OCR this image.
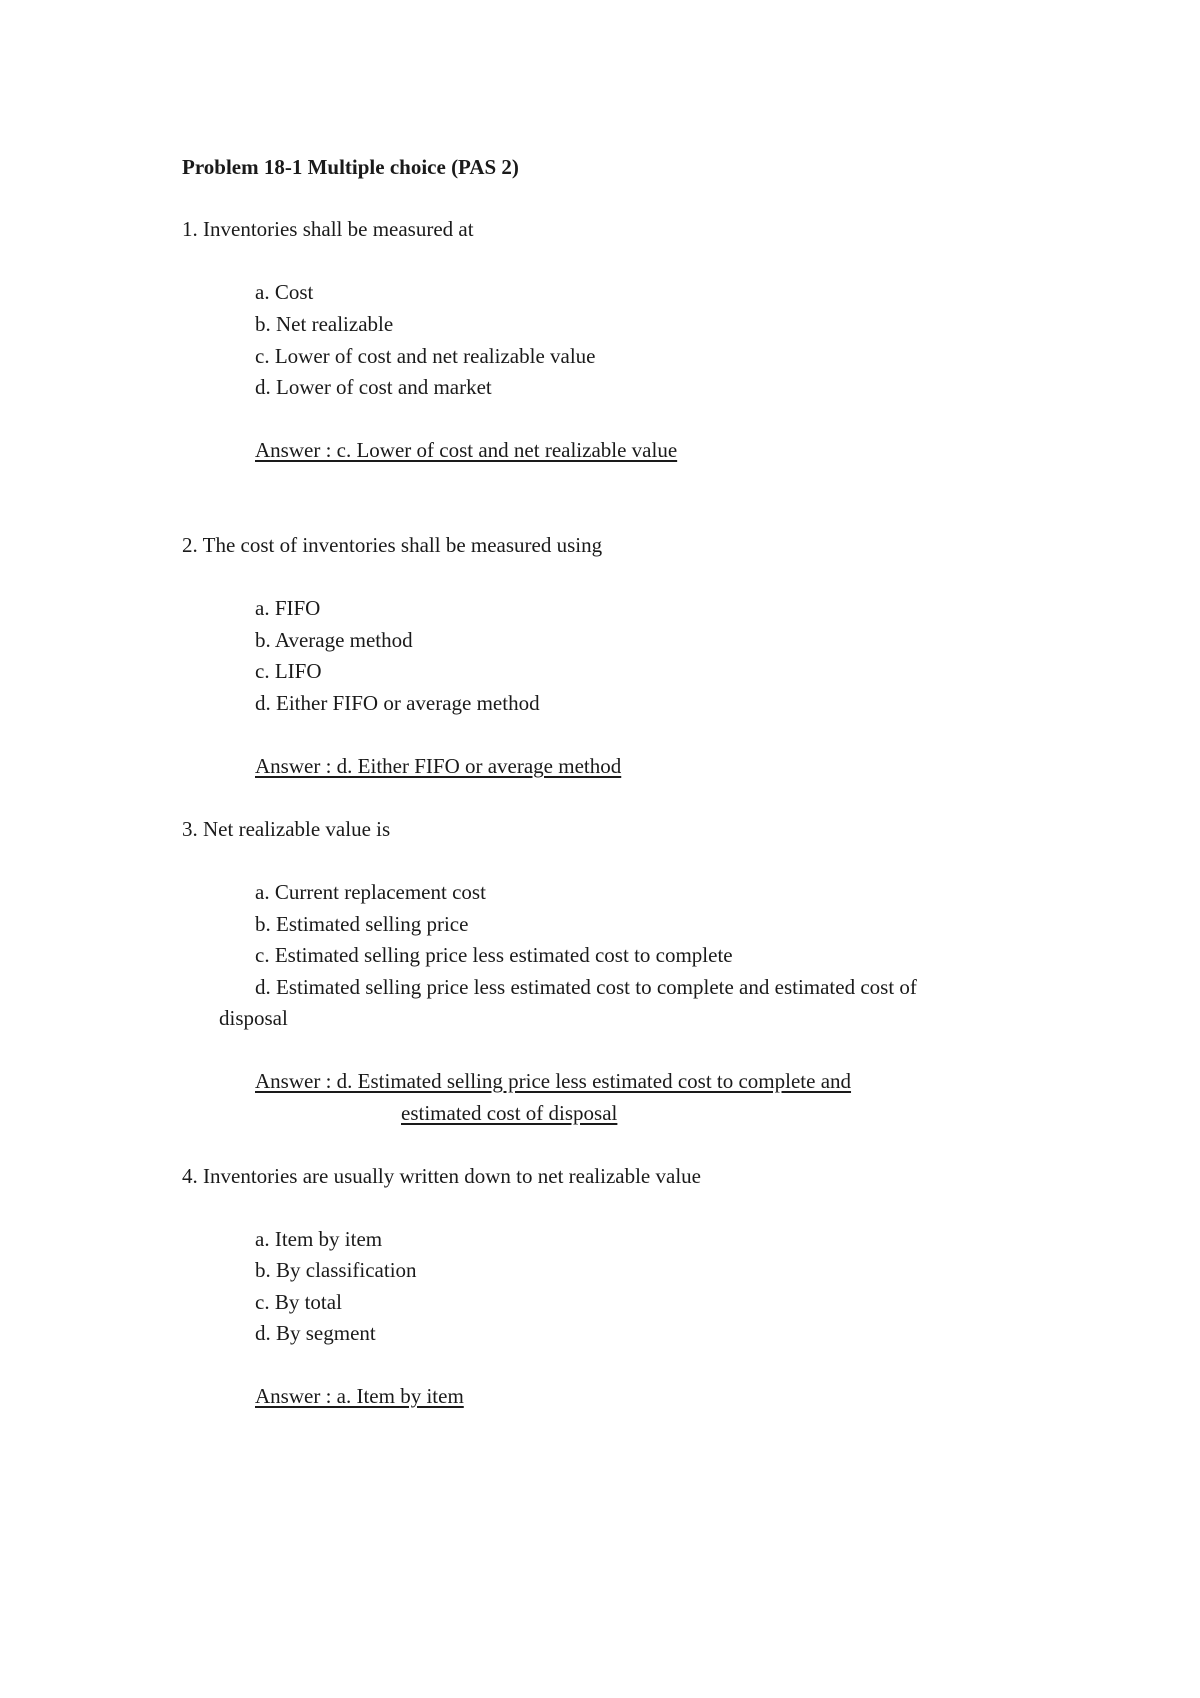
Problem 18-1 Multiple choice (PAS 2)
1. Inventories shall be measured at
a. Cost
b. Net realizable
c. Lower of cost and net realizable value
d. Lower of cost and market
Answer : c. Lower of cost and net realizable value
2. The cost of inventories shall be measured using
a. FIFO
b. Average method
c. LIFO
d. Either FIFO or average method
Answer : d. Either FIFO or average method
3. Net realizable value is
a. Current replacement cost
b. Estimated selling price
c. Estimated selling price less estimated cost to complete
d. Estimated selling price less estimated cost to complete and estimated cost of
disposal
Answer : d. Estimated selling price less estimated cost to complete and
estimated cost of disposal
4. Inventories are usually written down to net realizable value
a. Item by item
b. By classification
c. By total
d. By segment
Answer : a. Item by item
